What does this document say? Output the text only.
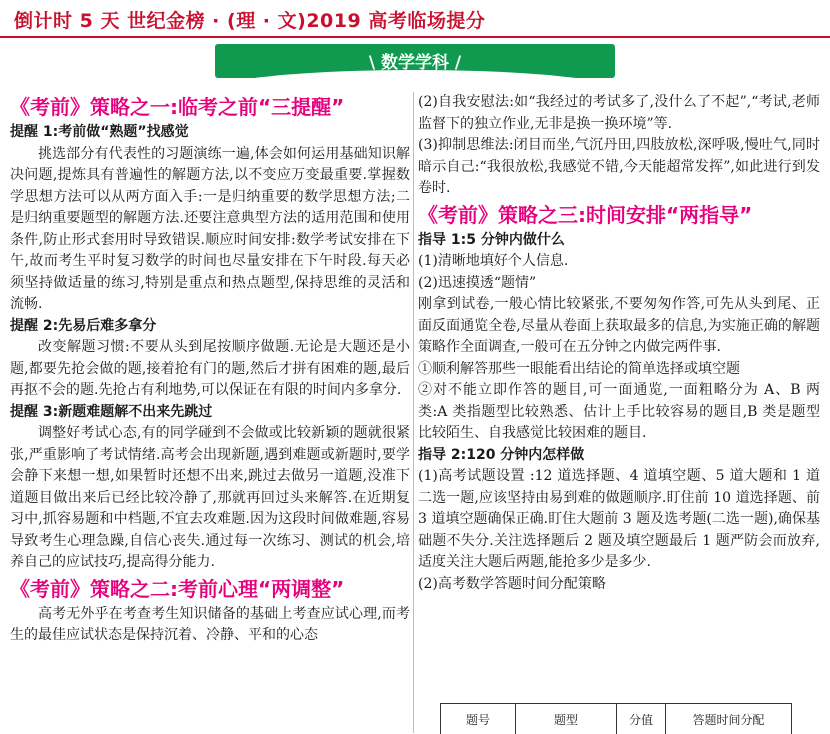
倒计时 5 天 世纪金榜 · (理 · 文)2019 高考临场提分
\ 数学学科 /
《考前》策略之一:临考之前“三提醒”
提醒 1:考前做“熟题”找感觉

挑选部分有代表性的习题演练一遍,体会如何运用基础知识解决问题,提炼具有普遍性的解题方法,以不变应万变最重要.掌握数学思想方法可以从两方面入手:一是归纳重要的数学思想方法;二是归纳重要题型的解题方法.还要注意典型方法的适用范围和使用条件,防止形式套用时导致错误.顺应时间安排:数学考试安排在下午,故而考生平时复习数学的时间也尽量安排在下午时段.每天必须坚持做适量的练习,特别是重点和热点题型,保持思维的灵活和流畅.

提醒 2:先易后难多拿分

改变解题习惯:不要从头到尾按顺序做题.无论是大题还是小题,都要先抢会做的题,接着抢有门的题,然后才拼有困难的题,最后再抠不会的题.先抢占有利地势,可以保证在有限的时间内多拿分.

提醒 3:新题难题解不出来先跳过

调整好考试心态,有的同学碰到不会做或比较新颖的题就很紧张,严重影响了考试情绪.高考会出现新题,遇到难题或新题时,要学会静下来想一想,如果暂时还想不出来,跳过去做另一道题,没准下道题目做出来后已经比较冷静了,那就再回过头来解答.在近期复习中,抓容易题和中档题,不宜去攻难题.因为这段时间做难题,容易导致考生心理急躁,自信心丧失.通过每一次练习、测试的机会,培养自己的应试技巧,提高得分能力.

《考前》策略之二:考前心理“两调整”

高考无外乎在考查考生知识储备的基础上考查应试心理,而考生的最佳应试状态是保持沉着、冷静、平和的心态

(2)自我安慰法:如“我经过的考试多了,没什么了不起”,“考试,老师监督下的独立作业,无非是换一换环境”等.

(3)抑制思维法:闭目而坐,气沉丹田,四肢放松,深呼吸,慢吐气,同时暗示自己:“我很放松,我感觉不错,今天能超常发挥”,如此进行到发卷时.

《考前》策略之三:时间安排“两指导”
指导 1:5 分钟内做什么

(1)清晰地填好个人信息.

(2)迅速摸透“题情”

刚拿到试卷,一般心情比较紧张,不要匆匆作答,可先从头到尾、正面反面通览全卷,尽量从卷面上获取最多的信息,为实施正确的解题策略作全面调查,一般可在五分钟之内做完两件事.

①顺利解答那些一眼能看出结论的简单选择或填空题

②对不能立即作答的题目,可一面通览,一面粗略分为 A、B 两类:A 类指题型比较熟悉、估计上手比较容易的题目,B 类是题型比较陌生、自我感觉比较困难的题目.

指导 2:120 分钟内怎样做

(1)高考试题设置 :12 道选择题、4 道填空题、5 道大题和 1 道二选一题,应该坚持由易到难的做题顺序.盯住前 10 道选择题、前 3 道填空题确保正确.盯住大题前 3 题及选考题(二选一题),确保基础题不失分.关注选择题后 2 题及填空题最后 1 题严防会而放弃,适度关注大题后两题,能抢多少是多少.

(2)高考数学答题时间分配策略

题号	题型	分值	答题时间分配
